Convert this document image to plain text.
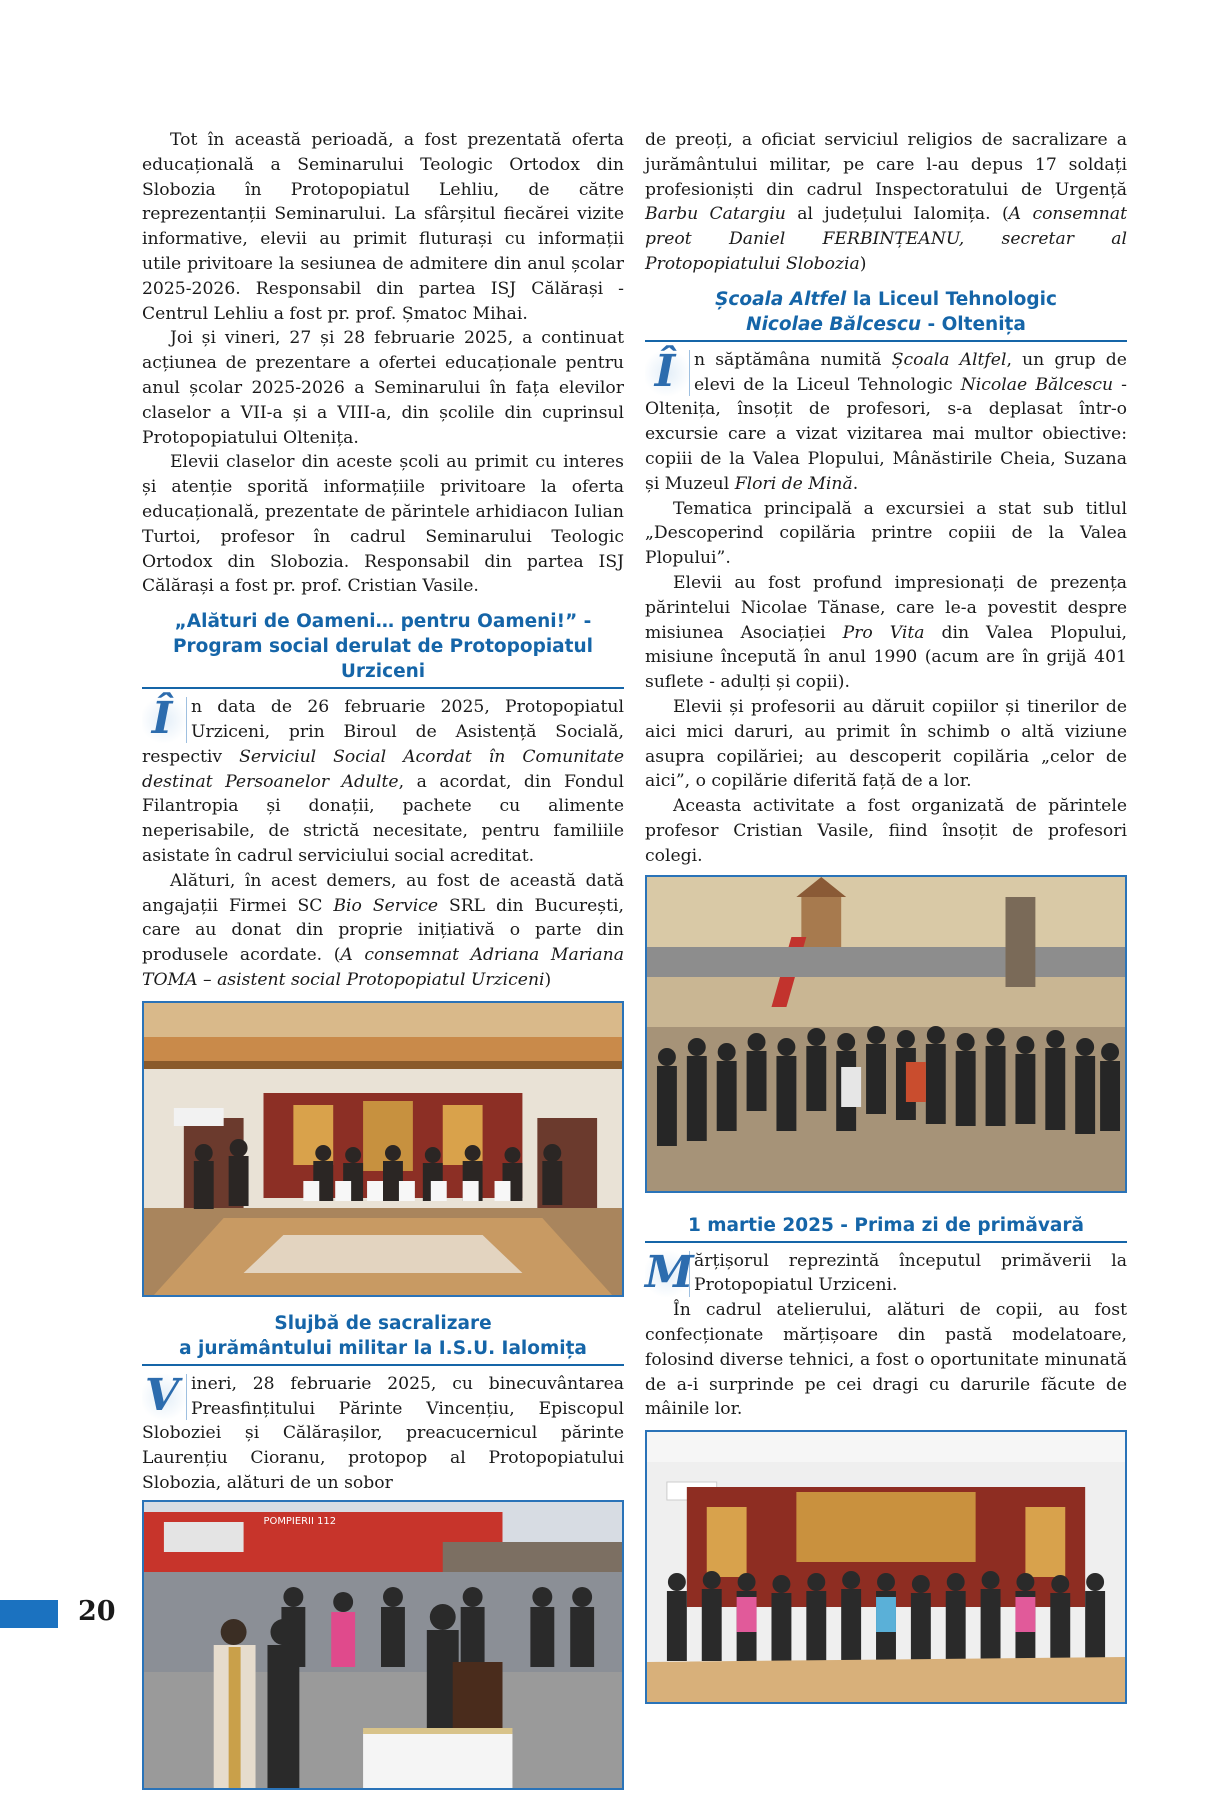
Tot în această perioadă, a fost prezentată oferta educațională a Seminarului Teologic Ortodox din Slobozia în Protopopiatul Lehliu, de către reprezentanții Seminarului. La sfârșitul fiecărei vizite informative, elevii au primit fluturași cu informații utile privitoare la sesiunea de admitere din anul școlar 2025-2026. Responsabil din partea ISJ Călărași - Centrul Lehliu a fost pr. prof. Șmatoc Mihai.

Joi și vineri, 27 și 28 februarie 2025, a continuat acțiunea de prezentare a ofertei educaționale pentru anul școlar 2025-2026 a Seminarului în fața elevilor claselor a VII-a și a VIII-a, din școlile din cuprinsul Protopopiatului Oltenița.

Elevii claselor din aceste școli au primit cu interes și atenție sporită informațiile privitoare la oferta educațională, prezentate de părintele arhidiacon Iulian Turtoi, profesor în cadrul Seminarului Teologic Ortodox din Slobozia. Responsabil din partea ISJ Călărași a fost pr. prof. Cristian Vasile.

„Alături de Oameni… pentru Oameni!” -
Program social derulat de Protopopiatul Urziceni

Î	n data de 26 februarie 2025, Protopopiatul Urziceni, prin Biroul de Asistență Socială, respectiv Serviciul Social Acordat în Comunitate destinat Persoanelor Adulte, a acordat, din Fondul Filantropia și donații, pachete cu alimente neperisabile, de strictă necesitate, pentru familiile asistate în cadrul serviciului social acreditat.

Alături, în acest demers, au fost de această dată angajații Firmei SC Bio Service SRL din București, care au donat din proprie inițiativă o parte din produsele acordate. (A consemnat Adriana Mariana TOMA – asistent social Protopopiatul Urziceni)

Slujbă de sacralizare
a jurământului militar la I.S.U. Ialomița

V ineri, 28 februarie 2025, cu binecuvântarea Preasfințitului Părinte Vincențiu, Episcopul Sloboziei și Călărașilor, preacucernicul părinte Laurențiu Cioranu, protopop al Protopopiatului Slobozia, alături de un sobor

POMPIERII 112

de preoți, a oficiat serviciul religios de sacralizare a jurământului militar, pe care l-au depus 17 soldați profesioniști din cadrul Inspectoratului de Urgență Barbu Catargiu al județului Ialomița. (A consemnat preot Daniel FERBINȚEANU, secretar al Protopopiatului Slobozia)

Școala Altfel la Liceul Tehnologic
Nicolae Bălcescu - Oltenița

Î	n săptămâna numită Școala Altfel, un grup de elevi de la Liceul Tehnologic Nicolae Bălcescu - Oltenița, însoțit de profesori, s-a deplasat într-o excursie care a vizat vizitarea mai multor obiective: copiii de la Valea Plopului, Mânăstirile Cheia, Suzana și Muzeul Flori de Mină.

Tematica principală a excursiei a stat sub titlul „Descoperind copilăria printre copiii de la Valea Plopului”.

Elevii au fost profund impresionați de prezența părintelui Nicolae Tănase, care le-a povestit despre misiunea Asociației Pro Vita din Valea Plopului, misiune începută în anul 1990 (acum are în grijă 401 suflete - adulți și copii).

Elevii și profesorii au dăruit copiilor și tinerilor de aici mici daruri, au primit în schimb o altă viziune asupra copilăriei; au descoperit copilăria „celor de aici”, o copilărie diferită față de a lor.

Aceasta activitate a fost organizată de părintele profesor Cristian Vasile, fiind însoțit de profesori colegi.

1 martie 2025 - Prima zi de primăvară

M ărțișorul reprezintă începutul primăverii la Protopopiatul Urziceni.

În cadrul atelierului, alături de copii, au fost confecționate mărțișoare din pastă modelatoare, folosind diverse tehnici, a fost o oportunitate minunată de a-i surprinde pe cei dragi cu darurile făcute de mâinile lor.

20
